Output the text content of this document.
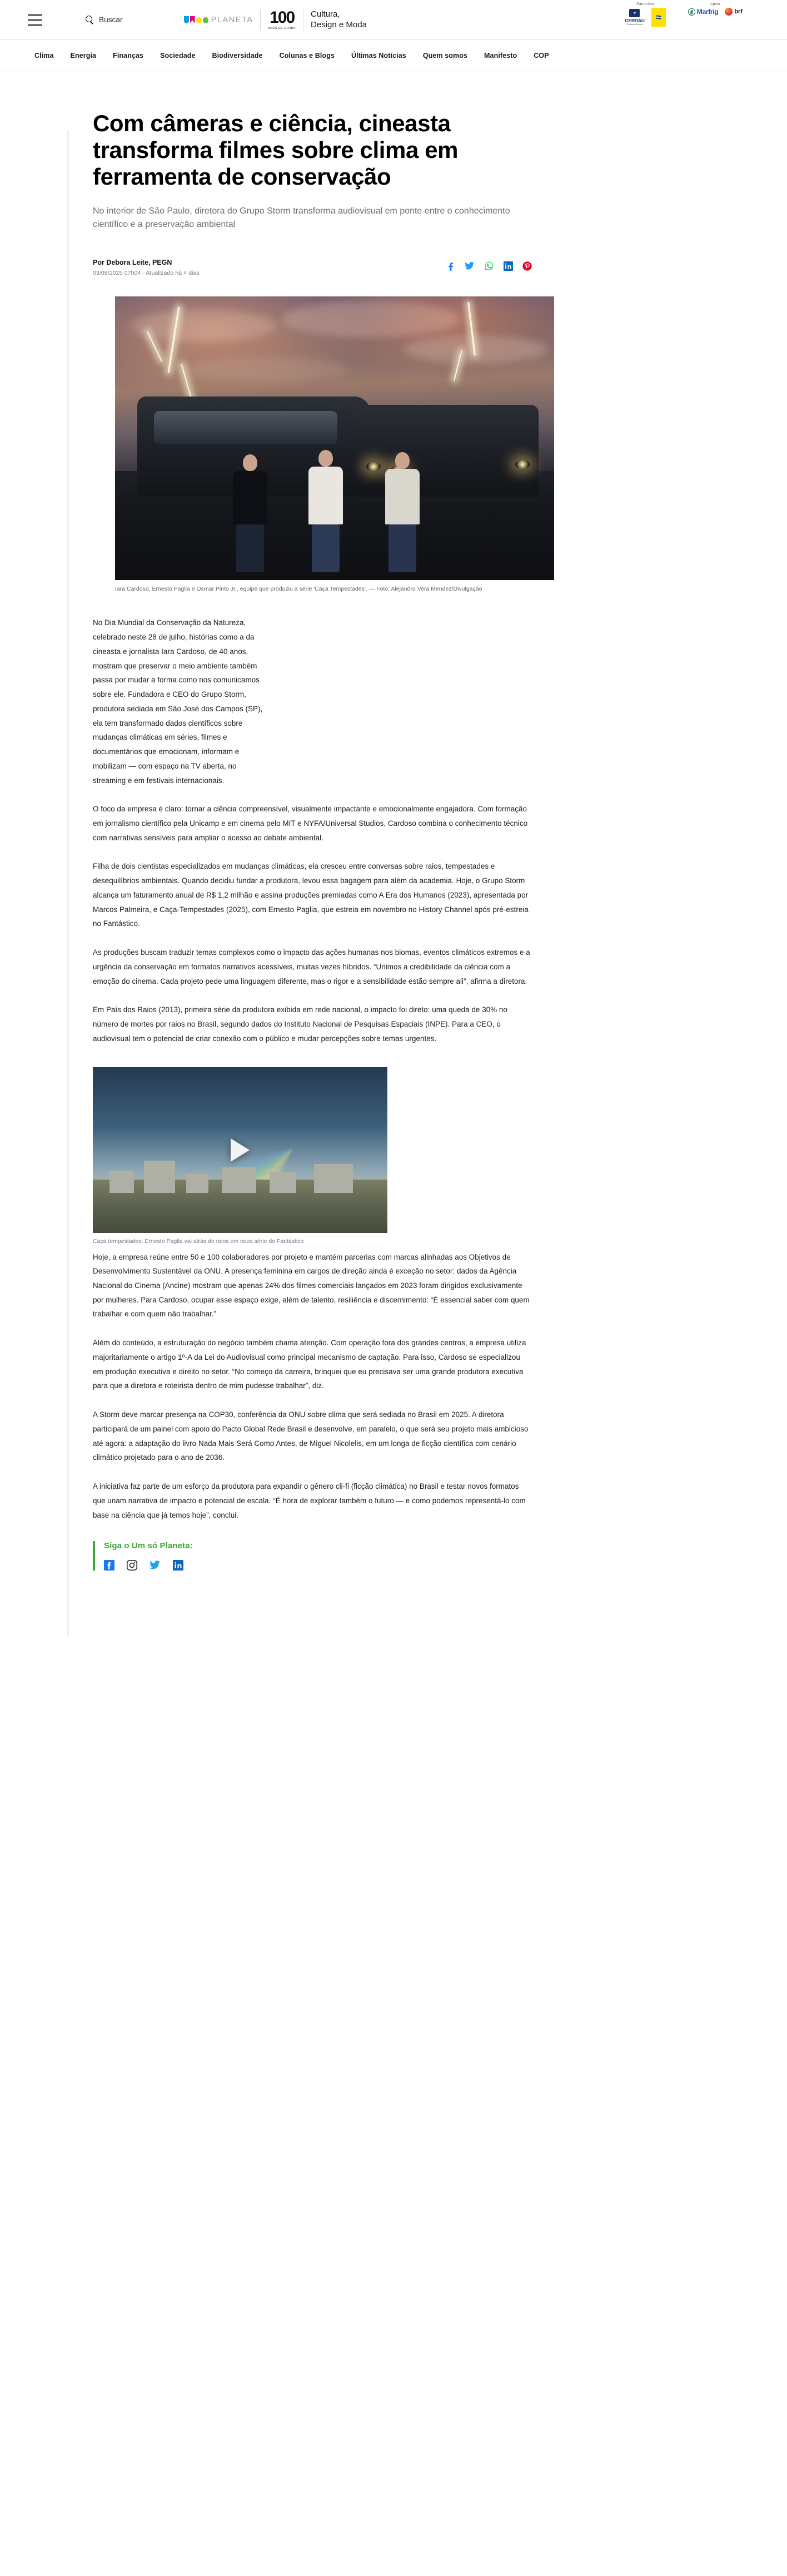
Buscar	PLANETA 100
ANOS DE GLOBO
Cultura,
Design e Moda
Patrocínio
⚭
GERDAU
O futuro se molda
≈
Apoio
Marfrig	brf
Clima Energia Finanças Sociedade Biodiversidade Colunas e Blogs Últimas Notícias Quem somos Manifesto COP
Com câmeras e ciência, cineasta transforma filmes sobre clima em ferramenta de conservação

No interior de São Paulo, diretora do Grupo Storm transforma audiovisual em ponte entre o conhecimento científico e a preservação ambiental

Por Debora Leite, PEGN
03/08/2025 07h04 · Atualizado há 4 dias
Iara Cardoso, Ernesto Paglia e Osmar Pinto Jr., equipe que produziu a série 'Caça Tempestades'. — Foto: Alejandro Vera Mendez/Divulgação

No Dia Mundial da Conservação da Natureza, celebrado neste 28 de julho, histórias como a da cineasta e jornalista Iara Cardoso, de 40 anos, mostram que preservar o meio ambiente também passa por mudar a forma como nos comunicamos sobre ele. Fundadora e CEO do Grupo Storm, produtora sediada em São José dos Campos (SP), ela tem transformado dados científicos sobre mudanças climáticas em séries, filmes e documentários que emocionam, informam e mobilizam — com espaço na TV aberta, no streaming e em festivais internacionais.

O foco da empresa é claro: tornar a ciência compreensível, visualmente impactante e emocionalmente engajadora. Com formação em jornalismo científico pela Unicamp e em cinema pelo MIT e NYFA/Universal Studios, Cardoso combina o conhecimento técnico com narrativas sensíveis para ampliar o acesso ao debate ambiental.

Filha de dois cientistas especializados em mudanças climáticas, ela cresceu entre conversas sobre raios, tempestades e desequilíbrios ambientais. Quando decidiu fundar a produtora, levou essa bagagem para além da academia. Hoje, o Grupo Storm alcança um faturamento anual de R$ 1,2 milhão e assina produções premiadas como A Era dos Humanos (2023), apresentada por Marcos Palmeira, e Caça-Tempestades (2025), com Ernesto Paglia, que estreia em novembro no History Channel após pré-estreia no Fantástico.

As produções buscam traduzir temas complexos como o impacto das ações humanas nos biomas, eventos climáticos extremos e a urgência da conservação em formatos narrativos acessíveis, muitas vezes híbridos. “Unimos a credibilidade da ciência com a emoção do cinema. Cada projeto pede uma linguagem diferente, mas o rigor e a sensibilidade estão sempre ali”, afirma a diretora.

Em País dos Raios (2013), primeira série da produtora exibida em rede nacional, o impacto foi direto: uma queda de 30% no número de mortes por raios no Brasil, segundo dados do Instituto Nacional de Pesquisas Espaciais (INPE). Para a CEO, o audiovisual tem o potencial de criar conexão com o público e mudar percepções sobre temas urgentes.

Caça tempestades: Ernesto Paglia vai atrás de raios em nova série do Fantástico

Hoje, a empresa reúne entre 50 e 100 colaboradores por projeto e mantém parcerias com marcas alinhadas aos Objetivos de Desenvolvimento Sustentável da ONU. A presença feminina em cargos de direção ainda é exceção no setor: dados da Agência Nacional do Cinema (Ancine) mostram que apenas 24% dos filmes comerciais lançados em 2023 foram dirigidos exclusivamente por mulheres. Para Cardoso, ocupar esse espaço exige, além de talento, resiliência e discernimento: “É essencial saber com quem trabalhar e com quem não trabalhar.”

Além do conteúdo, a estruturação do negócio também chama atenção. Com operação fora dos grandes centros, a empresa utiliza majoritariamente o artigo 1º-A da Lei do Audiovisual como principal mecanismo de captação. Para isso, Cardoso se especializou em produção executiva e direito no setor. “No começo da carreira, brinquei que eu precisava ser uma grande produtora executiva para que a diretora e roteirista dentro de mim pudesse trabalhar”, diz.

A Storm deve marcar presença na COP30, conferência da ONU sobre clima que será sediada no Brasil em 2025. A diretora participará de um painel com apoio do Pacto Global Rede Brasil e desenvolve, em paralelo, o que será seu projeto mais ambicioso até agora: a adaptação do livro Nada Mais Será Como Antes, de Miguel Nicolelis, em um longa de ficção científica com cenário climático projetado para o ano de 2036.

A iniciativa faz parte de um esforço da produtora para expandir o gênero cli-fi (ficção climática) no Brasil e testar novos formatos que unam narrativa de impacto e potencial de escala. “É hora de explorar também o futuro — e como podemos representá-lo com base na ciência que já temos hoje”, conclui.

Siga o Um só Planeta:
